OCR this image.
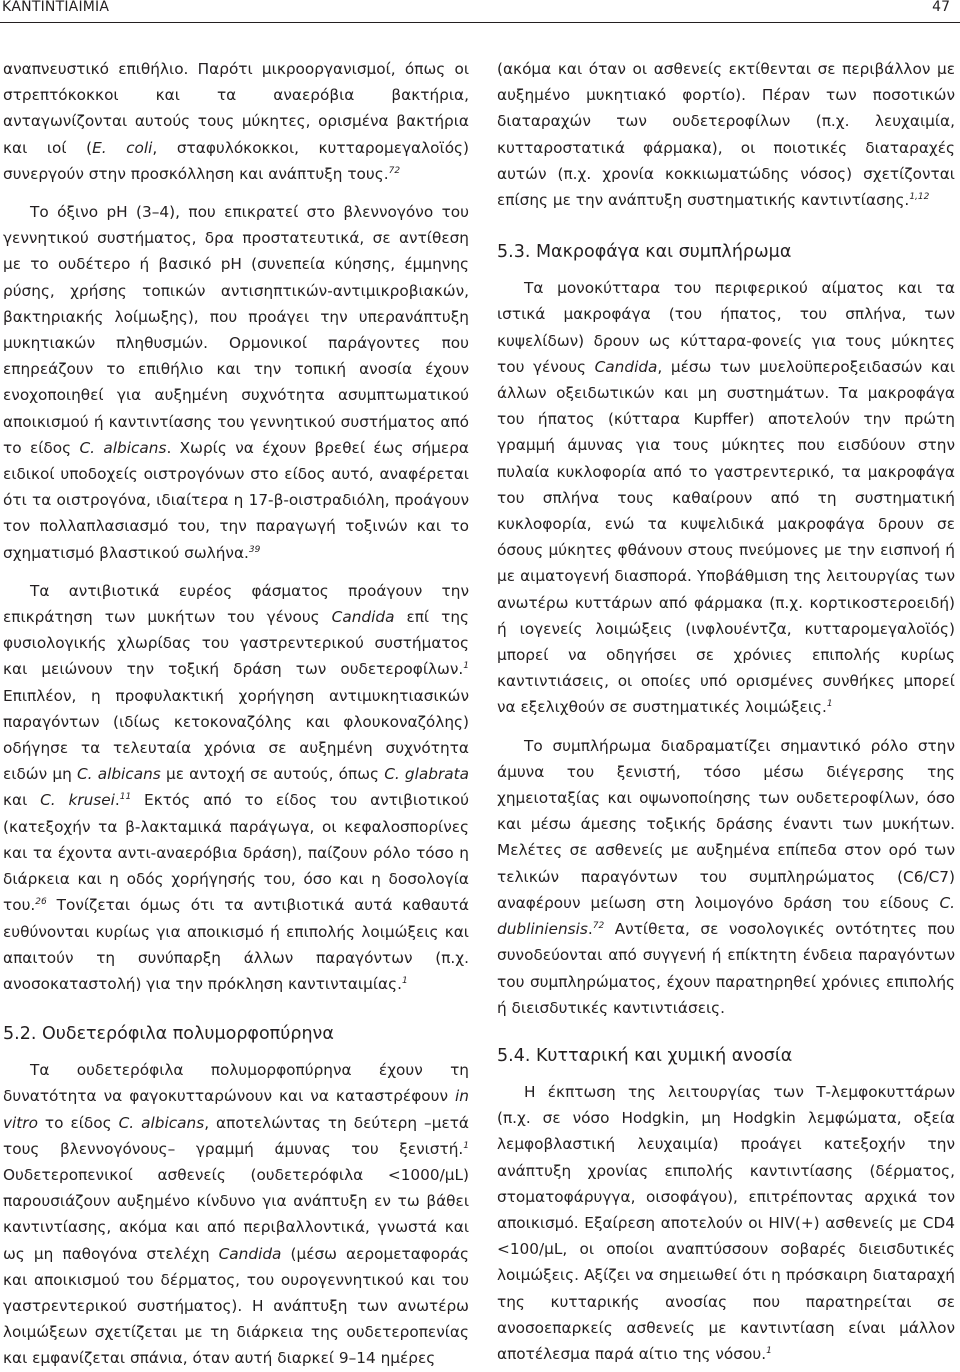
ΚΑΝΤΙΝΤΙΑΙΜΙΑ	47

αναπνευστικό επιθήλιο. Παρότι μικροοργανισμοί, όπως οι στρεπτόκοκκοι και τα αναερόβια βακτήρια, ανταγωνίζονται αυτούς τους μύκητες, ορισμένα βακτήρια και ιοί (E. coli, σταφυλόκοκκοι, κυτταρομεγαλοϊός) συνεργούν στην προσκόλληση και ανάπτυξη τους.$^{72}$

Το όξινο pH (3–4), που επικρατεί στο βλεννογόνο του γεννητικού συστήματος, δρα προστατευτικά, σε αντίθεση με το ουδέτερο ή βασικό pH (συνεπεία κύησης, έμμηνης ρύσης, χρήσης τοπικών αντισηπτικών-αντιμικροβιακών, βακτηριακής λοίμωξης), που προάγει την υπερανάπτυξη μυκητιακών πληθυσμών. Ορμονικοί παράγοντες που επηρεάζουν το επιθήλιο και την τοπική ανοσία έχουν ενοχοποιηθεί για αυξημένη συχνότητα ασυμπτωματικού αποικισμού ή καντιντίασης του γεννητικού συστήματος από το είδος C. albicans. Χωρίς να έχουν βρεθεί έως σήμερα ειδικοί υποδοχείς οιστρογόνων στο είδος αυτό, αναφέρεται ότι τα οιστρογόνα, ιδιαίτερα η 17-β-οιστραδιόλη, προάγουν τον πολλαπλασιασμό του, την παραγωγή τοξινών και το σχηματισμό βλαστικού σωλήνα.$^{39}$

Τα αντιβιοτικά ευρέος φάσματος προάγουν την επικράτηση των μυκήτων του γένους Candida επί της φυσιολογικής χλωρίδας του γαστρεντερικού συστήματος και μειώνουν την τοξική δράση των ουδετεροφίλων.$^1$ Επιπλέον, η προφυλακτική χορήγηση αντιμυκητιασικών παραγόντων (ιδίως κετοκοναζόλης και φλουκοναζόλης) οδήγησε τα τελευταία χρόνια σε αυξημένη συχνότητα ειδών μη C. albicans με αντοχή σε αυτούς, όπως C. glabrata και C. krusei.$^{11}$ Εκτός από το είδος του αντιβιοτικού (κατεξοχήν τα β-λακταμικά παράγωγα, οι κεφαλοσπορίνες και τα έχοντα αντι-αναερόβια δράση), παίζουν ρόλο τόσο η διάρκεια και η οδός χορήγησής του, όσο και η δοσολογία του.$^{26}$ Τονίζεται όμως ότι τα αντιβιοτικά αυτά καθαυτά ευθύνονται κυρίως για αποικισμό ή επιπολής λοιμώξεις και απαιτούν τη συνύπαρξη άλλων παραγόντων (π.χ. ανοσοκαταστολή) για την πρόκληση καντινταιμίας.$^1$

5.2. Ουδετερόφιλα πολυμορφοπύρηνα

Τα ουδετερόφιλα πολυμορφοπύρηνα έχουν τη δυνατότητα να φαγοκυτταρώνουν και να καταστρέφουν in vitro το είδος C. albicans, αποτελώντας τη δεύτερη –μετά τους βλεννογόνους– γραμμή άμυνας του ξενιστή.$^1$ Ουδετεροπενικοί ασθενείς (ουδετερόφιλα <1000/μL) παρουσιάζουν αυξημένο κίνδυνο για ανάπτυξη εν τω βάθει καντιντίασης, ακόμα και από περιβαλλοντικά, γνωστά και ως μη παθογόνα στελέχη Candida (μέσω αερομεταφοράς και αποικισμού του δέρματος, του ουρογεννητικού και του γαστρεντερικού συστήματος). Η ανάπτυξη των ανωτέρω λοιμώξεων σχετίζεται με τη διάρκεια της ουδετεροπενίας και εμφανίζεται σπάνια, όταν αυτή διαρκεί 9–14 ημέρες

(ακόμα και όταν οι ασθενείς εκτίθενται σε περιβάλλον με αυξημένο μυκητιακό φορτίο). Πέραν των ποσοτικών διαταραχών των ουδετεροφίλων (π.χ. λευχαιμία, κυτταροστατικά φάρμακα), οι ποιοτικές διαταραχές αυτών (π.χ. χρονία κοκκιωματώδης νόσος) σχετίζονται επίσης με την ανάπτυξη συστηματικής καντιντίασης.$^{1,12}$

5.3. Μακροφάγα και συμπλήρωμα

Τα μονοκύτταρα του περιφερικού αίματος και τα ιστικά μακροφάγα (του ήπατος, του σπλήνα, των κυψελίδων) δρουν ως κύτταρα-φονείς για τους μύκητες του γένους Candida, μέσω των μυελοϋπεροξειδασών και άλλων οξειδωτικών και μη συστημάτων. Τα μακροφάγα του ήπατος (κύτταρα Kupffer) αποτελούν την πρώτη γραμμή άμυνας για τους μύκητες που εισδύουν στην πυλαία κυκλοφορία από το γαστρεντερικό, τα μακροφάγα του σπλήνα τους καθαίρουν από τη συστηματική κυκλοφορία, ενώ τα κυψελιδικά μακροφάγα δρουν σε όσους μύκητες φθάνουν στους πνεύμονες με την εισπνοή ή με αιματογενή διασπορά. Υποβάθμιση της λειτουργίας των ανωτέρω κυττάρων από φάρμακα (π.χ. κορτικοστεροειδή) ή ιογενείς λοιμώξεις (ινφλουέντζα, κυτταρομεγαλοϊός) μπορεί να οδηγήσει σε χρόνιες επιπολής κυρίως καντιντιάσεις, οι οποίες υπό ορισμένες συνθήκες μπορεί να εξελιχθούν σε συστηματικές λοιμώξεις.$^1$

Το συμπλήρωμα διαδραματίζει σημαντικό ρόλο στην άμυνα του ξενιστή, τόσο μέσω διέγερσης της χημειοταξίας και οψωνοποίησης των ουδετεροφίλων, όσο και μέσω άμεσης τοξικής δράσης έναντι των μυκήτων. Μελέτες σε ασθενείς με αυξημένα επίπεδα στον ορό των τελικών παραγόντων του συμπληρώματος (C6/C7) αναφέρουν μείωση στη λοιμογόνο δράση του είδους C. dubliniensis.$^{72}$ Αντίθετα, σε νοσολογικές οντότητες που συνοδεύονται από συγγενή ή επίκτητη ένδεια παραγόντων του συμπληρώματος, έχουν παρατηρηθεί χρόνιες επιπολής ή διεισδυτικές καντιντιάσεις.

5.4. Κυτταρική και χυμική ανοσία

Η έκπτωση της λειτουργίας των Τ-λεμφοκυττάρων (π.χ. σε νόσο Hodgkin, μη Hodgkin λεμφώματα, οξεία λεμφοβλαστική λευχαιμία) προάγει κατεξοχήν την ανάπτυξη χρονίας επιπολής καντιντίασης (δέρματος, στοματοφάρυγγα, οισοφάγου), επιτρέποντας αρχικά τον αποικισμό. Εξαίρεση αποτελούν οι HIV(+) ασθενείς με CD4 <100/μL, οι οποίοι αναπτύσσουν σοβαρές διεισδυτικές λοιμώξεις. Αξίζει να σημειωθεί ότι η πρόσκαιρη διαταραχή της κυτταρικής ανοσίας που παρατηρείται σε ανοσοεπαρκείς ασθενείς με καντιντίαση είναι μάλλον αποτέλεσμα παρά αίτιο της νόσου.$^1$
